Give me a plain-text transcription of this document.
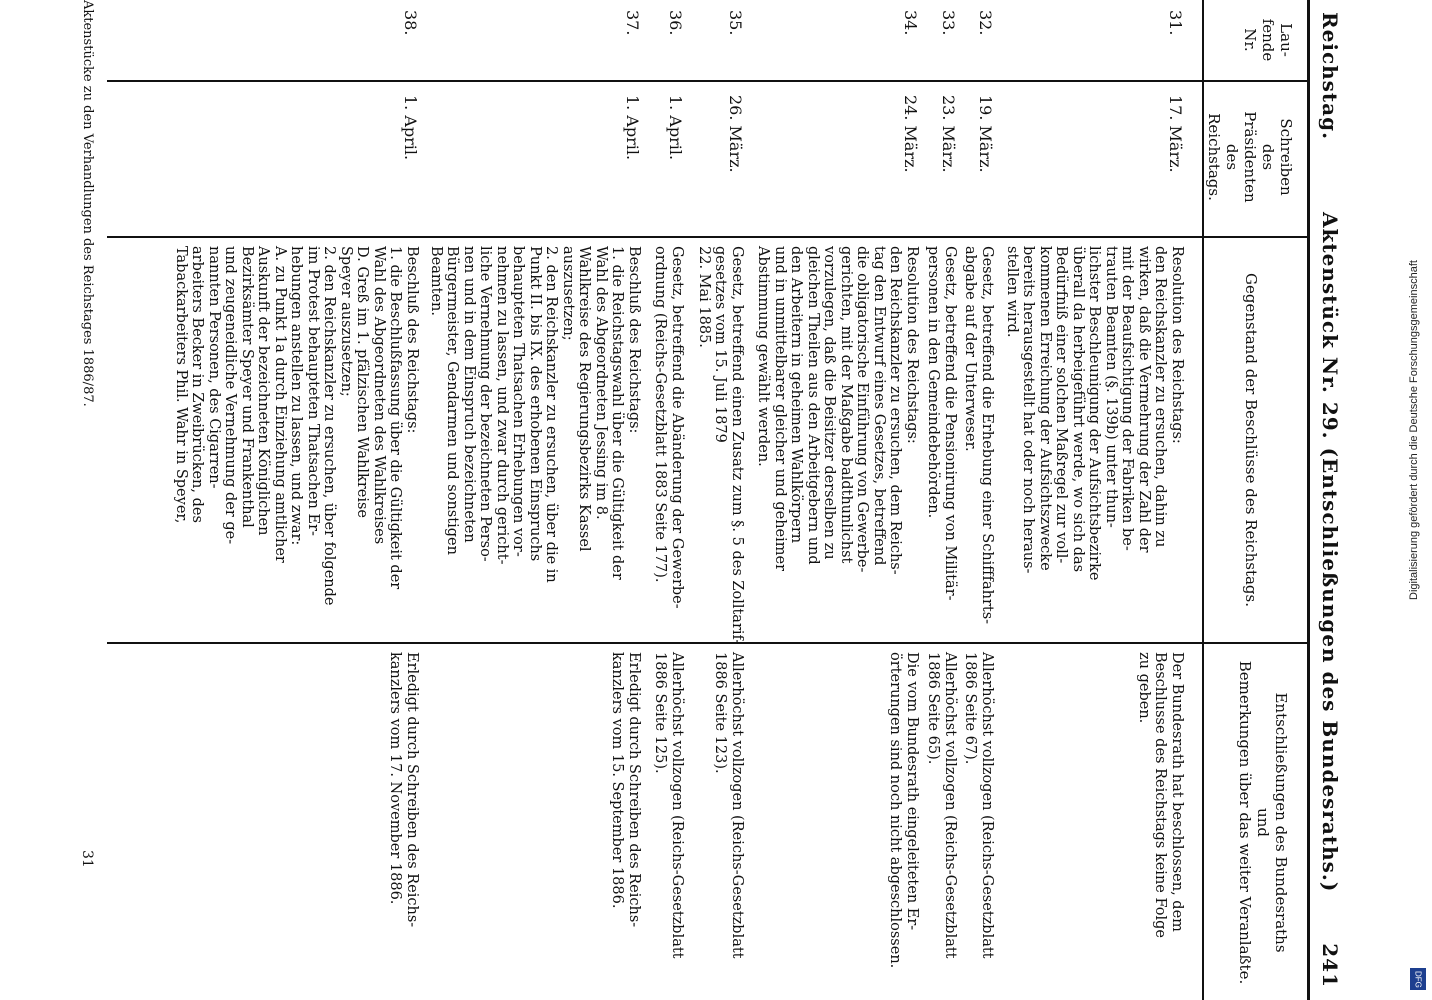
Reichstag.
Aktenstück Nr. 29. (Entschließungen des Bundesraths.)
241
Lau-
fende
Nr.
Schreiben
des
Präsidenten
des
Reichstags.
Gegenstand der Beschlüsse des Reichstags.
Entschließungen des Bundesraths
und
Bemerkungen über das weiter Veranlaßte.
31.
17. März.
Resolution des Reichstags:
den Reichskanzler zu ersuchen, dahin zu
wirken, daß die Vermehrung der Zahl der
mit der Beaufsichtigung der Fabriken be-
trauten Beamten (§. 139b) unter thun-
lichster Beschleunigung der Aufsichtsbezirke
überall da herbeigeführt werde, wo sich das
Bedürfniß einer solchen Maßregel zur voll-
kommenen Erreichung der Aufsichtszwecke
bereits herausgestellt hat oder noch heraus-
stellen wird.
Der Bundesrath hat beschlossen, dem
Beschlusse des Reichstags keine Folge
zu geben.
32.
19. März.
Gesetz, betreffend die Erhebung einer Schifffahrts-
abgabe auf der Unterweser.
Allerhöchst vollzogen (Reichs-Gesetzblatt
1886 Seite 67).
33.
23. März.
Gesetz, betreffend die Pensionirung von Militär-
personen in den Gemeindebehörden.
Allerhöchst vollzogen (Reichs-Gesetzblatt
1886 Seite 65).
34.
24. März.
Resolution des Reichstags:
den Reichskanzler zu ersuchen, dem Reichs-
tag den Entwurf eines Gesetzes, betreffend
die obligatorische Einführung von Gewerbe-
gerichten, mit der Maßgabe baldthunlichst
vorzulegen, daß die Beisitzer derselben zu
gleichen Theilen aus den Arbeitgebern und
den Arbeitern in geheimen Wahlkörpern
und in unmittelbarer gleicher und geheimer
Abstimmung gewählt werden.
Die vom Bundesrath eingeleiteten Er-
örterungen sind noch nicht abgeschlossen.
35.
26. März.
Gesetz, betreffend einen Zusatz zum §. 5 des Zolltarif-
gesetzes vom 15. Juli 1879
22. Mai 1885.
Allerhöchst vollzogen (Reichs-Gesetzblatt
1886 Seite 123).
36.
1. April.
Gesetz, betreffend die Abänderung der Gewerbe-
ordnung (Reichs-Gesetzblatt 1883 Seite 177).
Allerhöchst vollzogen (Reichs-Gesetzblatt
1886 Seite 125).
37.
1. April.
Beschluß des Reichstags:
1. die Reichstagswahl über die Gültigkeit der
Wahl des Abgeordneten Jessing im 8.
Wahlkreise des Regierungsbezirks Kassel
auszusetzen;
2. den Reichskanzler zu ersuchen, über die in
Punkt II. bis IX. des erhobenen Einspruchs
behaupteten Thatsachen Erhebungen vor-
nehmen zu lassen, und zwar durch gericht-
liche Vernehmung der bezeichneten Perso-
nen und in dem Einspruch bezeichneten
Bürgermeister, Gendarmen und sonstigen
Beamten.
Erledigt durch Schreiben des Reichs-
kanzlers vom 15. September 1886.
38.
1. April.
Beschluß des Reichstags:
1. die Beschlußfassung über die Gültigkeit der
Wahl des Abgeordneten des Wahlkreises
D. Greß im 1. pfälzischen Wahlkreise
Speyer auszusetzen;
2. den Reichskanzler zu ersuchen, über folgende
im Protest behaupteten Thatsachen Er-
hebungen anstellen zu lassen, und zwar:
A. zu Punkt 1a durch Einziehung amtlicher
Auskunft der bezeichneten Königlichen
Bezirksämter Speyer und Frankenthal
und zeugeneidliche Vernehmung der ge-
nannten Personen, des Cigarren-
arbeiters Becker in Zweibrücken, des
Tabackarbeiters Phil. Wahr in Speyer,
Erledigt durch Schreiben des Reichs-
kanzlers vom 17. November 1886.
Aktenstücke zu den Verhandlungen des Reichstages 1886/87.
31
Digitalisierung gefördert durch die Deutsche Forschungsgemeinschaft
DFG
